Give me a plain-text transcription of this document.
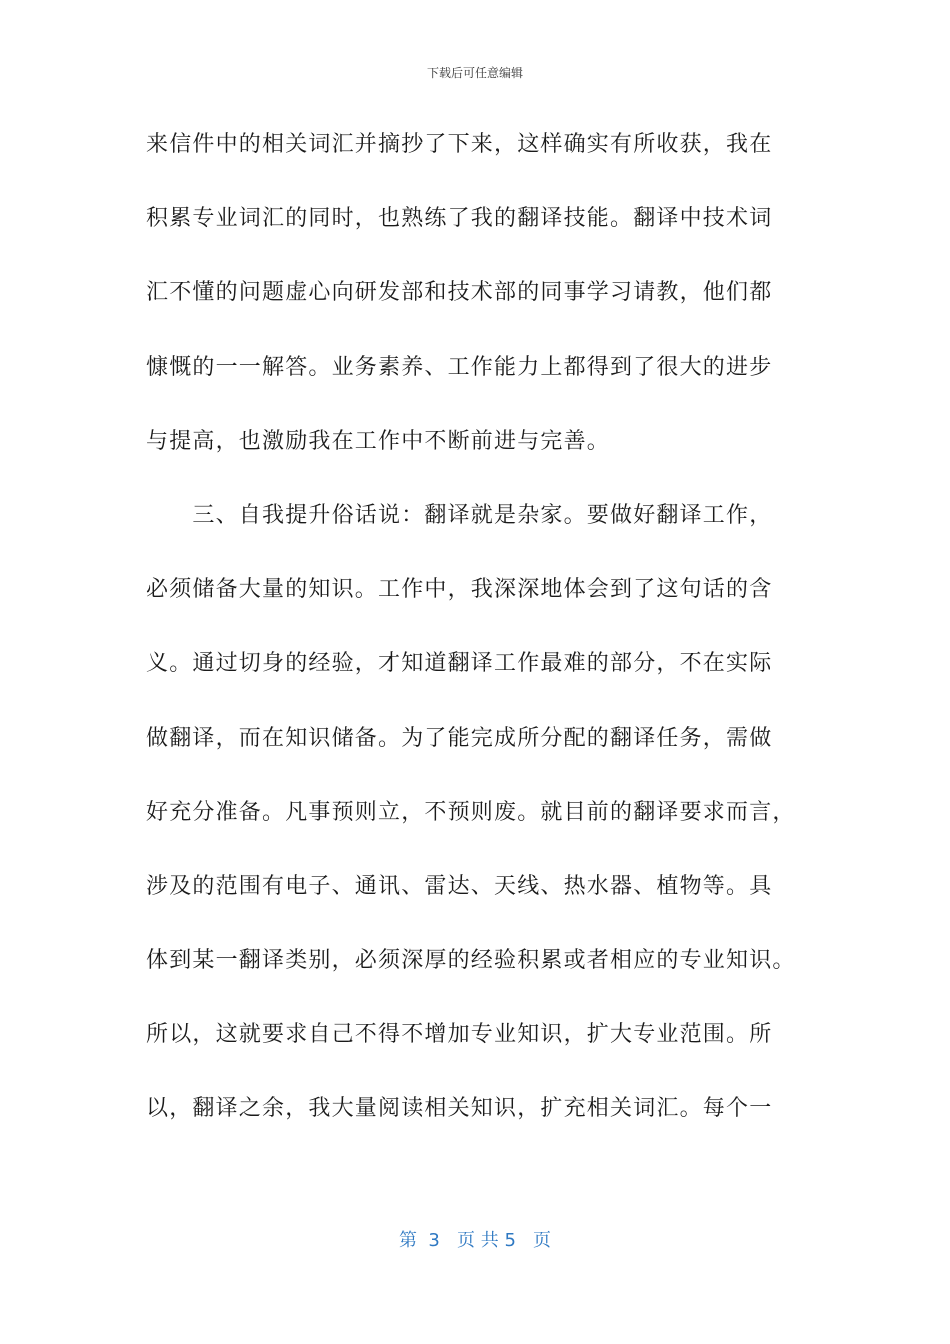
下载后可任意编辑
来信件中的相关词汇并摘抄了下来，这样确实有所收获，我在
积累专业词汇的同时，也熟练了我的翻译技能。翻译中技术词
汇不懂的问题虚心向研发部和技术部的同事学习请教，他们都
慷慨的一一解答。业务素养、工作能力上都得到了很大的进步
与提高，也激励我在工作中不断前进与完善。
　　三、自我提升俗话说：翻译就是杂家。要做好翻译工作，
必须储备大量的知识。工作中，我深深地体会到了这句话的含
义。通过切身的经验，才知道翻译工作最难的部分，不在实际
做翻译，而在知识储备。为了能完成所分配的翻译任务，需做
好充分准备。凡事预则立，不预则废。就目前的翻译要求而言，
涉及的范围有电子、通讯、雷达、天线、热水器、植物等。具
体到某一翻译类别，必须深厚的经验积累或者相应的专业知识。
所以，这就要求自己不得不增加专业知识，扩大专业范围。所
以，翻译之余，我大量阅读相关知识，扩充相关词汇。每个一
第  3   页 共 5   页
